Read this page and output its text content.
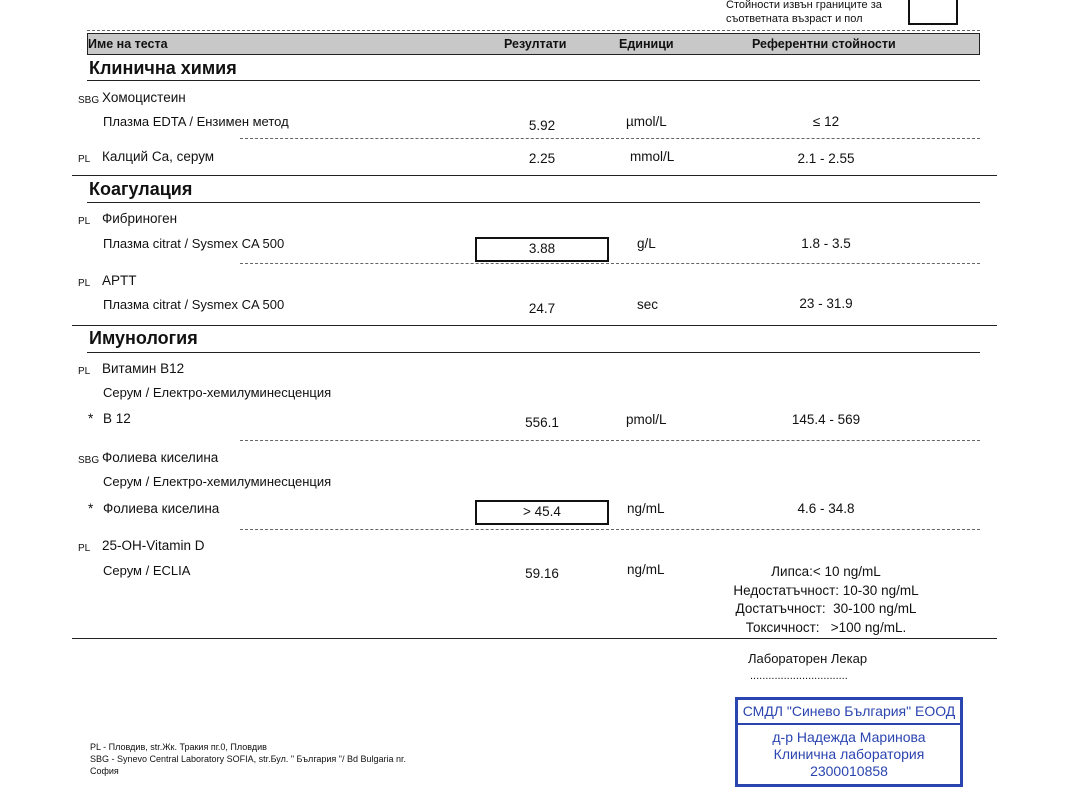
Стойности извън границите за
съответната възраст и пол
Име на теста	Резултати	Единици	Референтни стойности
Клинична химия
SBG Хомоцистеин
Плазма EDTA / Ензимен метод	5.92	µmol/L	≤ 12
PL Калций Ca, серум	2.25	mmol/L	2.1 - 2.55
Коагулация
PL Фибриноген
Плазма citrat / Sysmex CA 500	3.88	g/L	1.8 - 3.5
PL APTT
Плазма citrat / Sysmex CA 500	24.7	sec	23 - 31.9
Имунология
PL Витамин B12
Серум / Електро-хемилуминесценция
* B 12	556.1	pmol/L	145.4 - 569
SBG Фолиева киселина
Серум / Електро-хемилуминесценция
* Фолиева киселина	> 45.4	ng/mL	4.6 - 34.8
PL 25-OH-Vitamin D
Серум / ECLIA	59.16	ng/mL	Липса:< 10 ng/mL
Недостатъчност: 10-30 ng/mL
Достатъчност:  30-100 ng/mL
Токсичност:   >100 ng/mL.
Лабораторен Лекар
................................
СМДЛ "Синево България" ЕООД
д-р Надежда Маринова
Клинична лаборатория
2300010858
PL - Пловдив, str.Жк. Тракия пг.0, Пловдив
SBG - Synevo Central Laboratory SOFIA, str.Бул. " България "/ Bd Bulgaria nr.
София
